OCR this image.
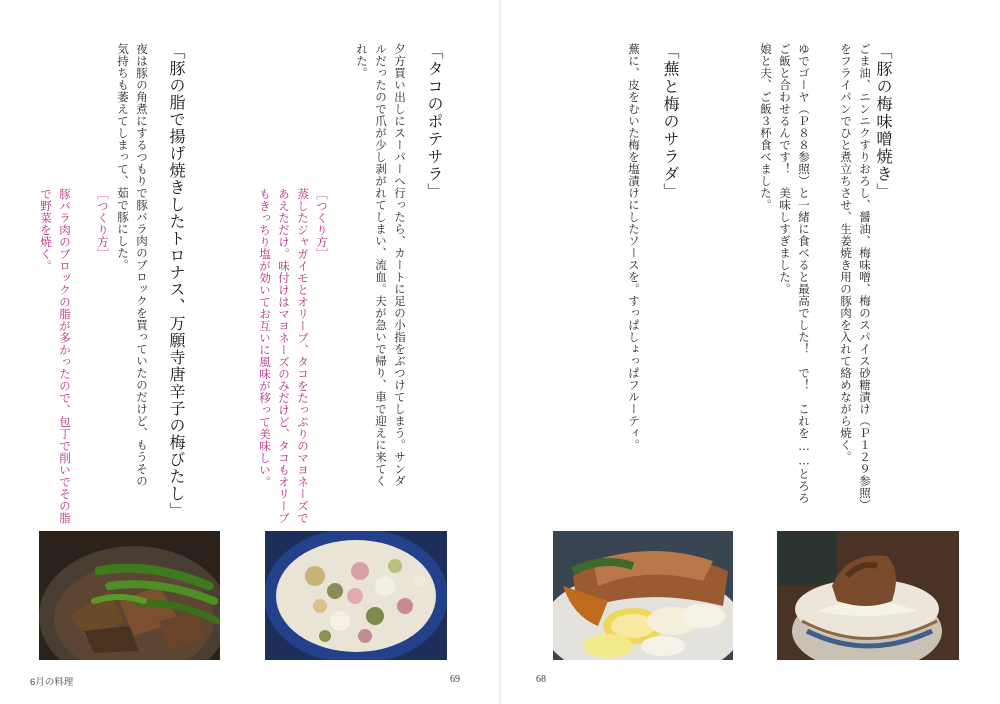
「豚の梅味噌焼き」
ごま油、ニンニクすりおろし、醤油、梅味噌、梅のスパイス砂糖漬け（Ｐ１２９参照）
をフライパンでひと煮立ちさせ、生姜焼き用の豚肉を入れて絡めながら焼く。
ゆでゴーヤ（Ｐ８８参照）と一緒に食べると最高でした！　で！　これを……とろろ
ご飯と合わせるんです！　美味しすぎました。
娘と夫、ご飯３杯食べました。
「蕪と梅のサラダ」
蕪に、皮をむいた梅を塩漬けにしたソースを。すっぱしょっぱフルーティ。
「タコのポテサラ」
夕方買い出しにスーパーへ行ったら、カートに足の小指をぶつけてしまう。サンダ
ルだったので爪が少し剥がれてしまい、流血。夫が急いで帰り、車で迎えに来てく
れた。
［つくり方］
蒸したジャガイモとオリーブ、タコをたっぷりのマヨネーズで
あえただけ。味付けはマヨネーズのみだけど、タコもオリーブ
もきっちり塩が効いてお互いに風味が移って美味しい。
「豚の脂で揚げ焼きしたトロナス、万願寺唐辛子の梅びたし」
夜は豚の角煮にするつもりで豚バラ肉のブロックを買っていたのだけど、もうその
気持ちも萎えてしまって、茹で豚にした。
［つくり方］
豚バラ肉のブロックの脂が多かったので、包丁で削いでその脂
で野菜を焼く。
6月の料理	69	68
